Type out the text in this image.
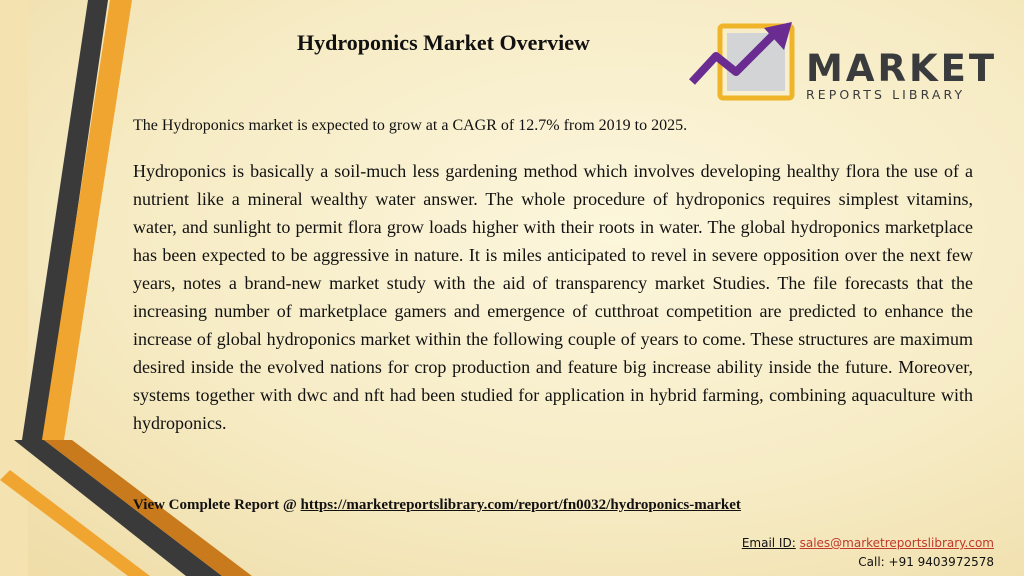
Hydroponics Market Overview
MARKET
REPORTS LIBRARY

The Hydroponics market is expected to grow at a CAGR of 12.7% from 2019 to 2025.

Hydroponics is basically a soil-much less gardening method which involves developing healthy flora the use of a nutrient like a mineral wealthy water answer. The whole procedure of hydroponics requires simplest vitamins, water, and sunlight to permit flora grow loads higher with their roots in water. The global hydroponics marketplace has been expected to be aggressive in nature. It is miles anticipated to revel in severe opposition over the next few years, notes a brand-new market study with the aid of transparency market Studies. The file forecasts that the increasing number of marketplace gamers and emergence of cutthroat competition are predicted to enhance the increase of global hydroponics market within the following couple of years to come. These structures are maximum desired inside the evolved nations for crop production and feature big increase ability inside the future. Moreover, systems together with dwc and nft had been studied for application in hybrid farming, combining aquaculture with hydroponics.

View Complete Report @ https://marketreportslibrary.com/report/fn0032/hydroponics-market

Email ID: sales@marketreportslibrary.com
Call: +91 9403972578
